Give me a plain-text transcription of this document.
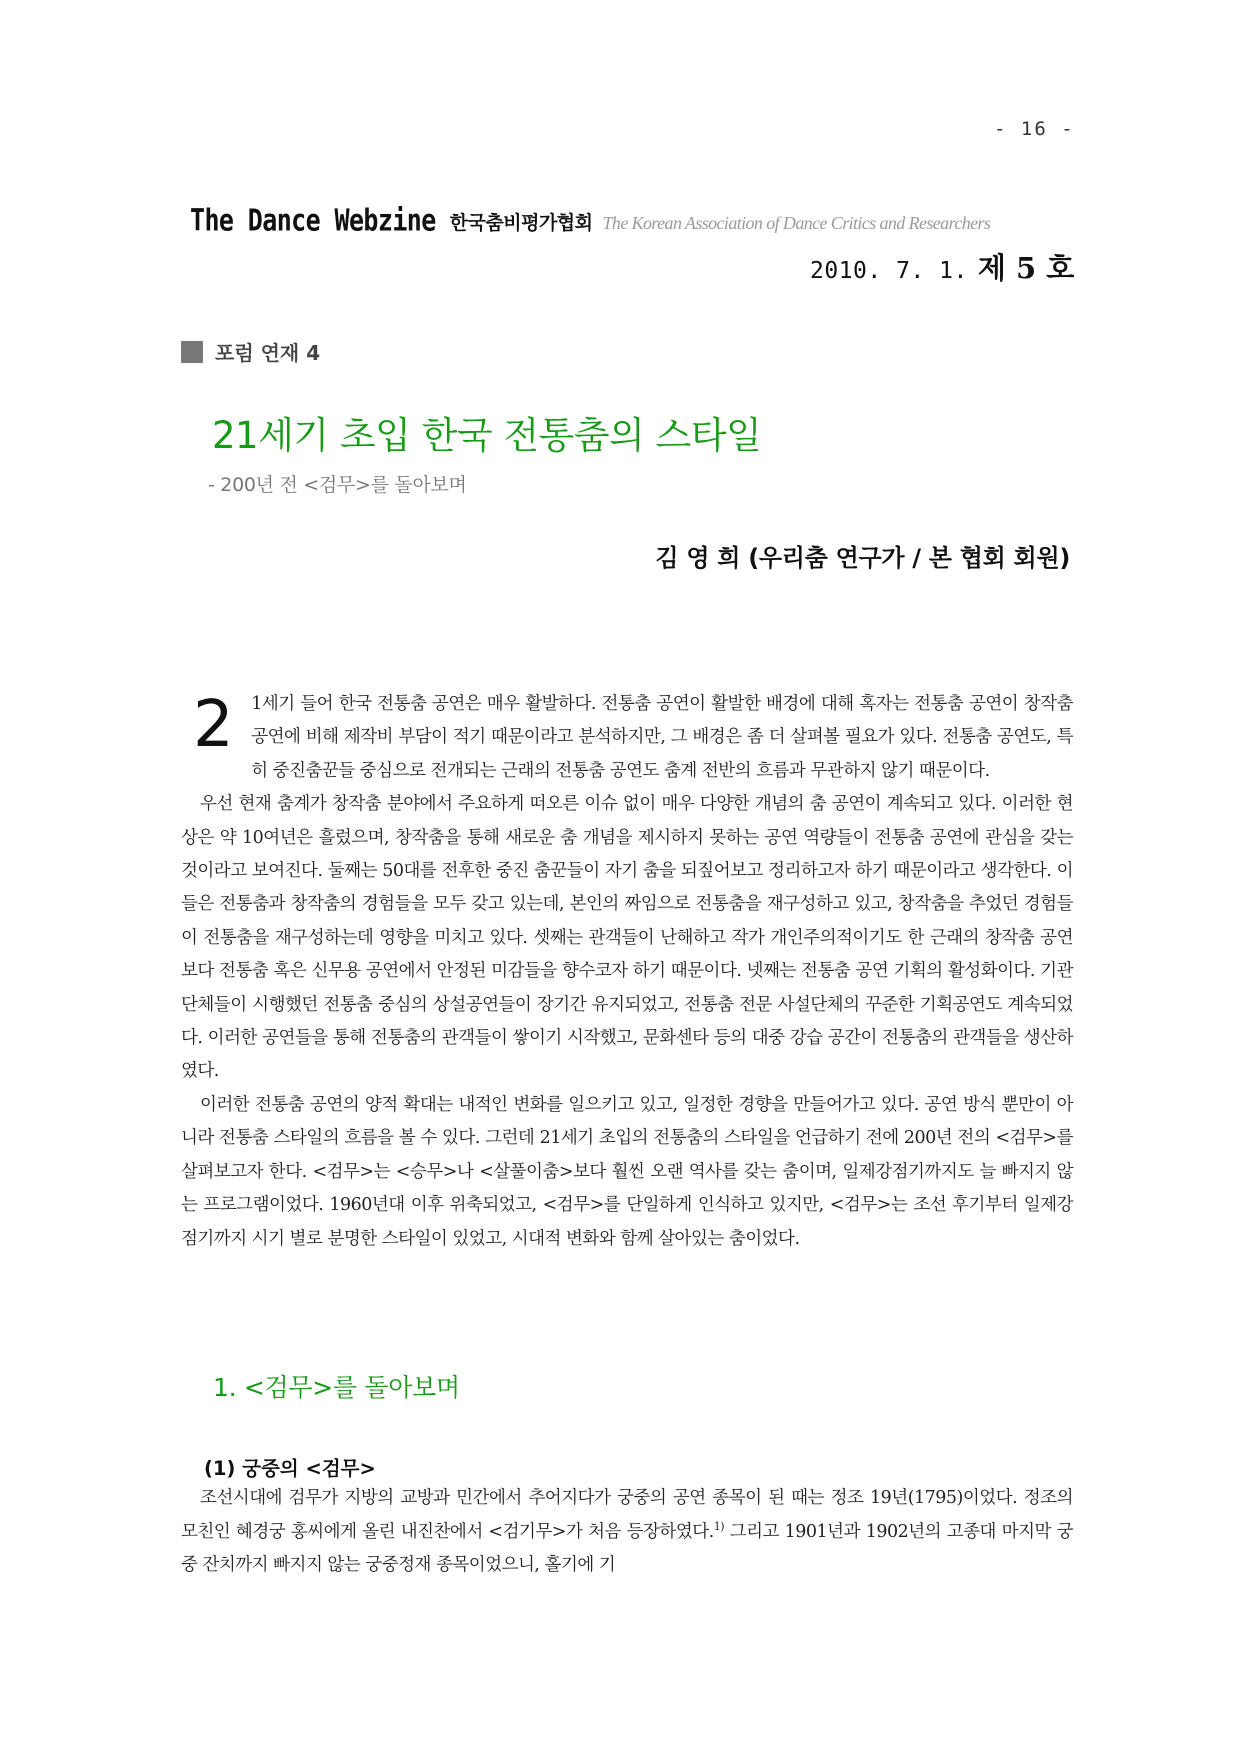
- 16 -
The Dance Webzine 한국춤비평가협회 The Korean Association of Dance Critics and Researchers
2010. 7. 1. 제 5 호
포럼 연재 4
21세기 초입 한국 전통춤의 스타일
- 200년 전 <검무>를 돌아보며
김 영 희 (우리춤 연구가 / 본 협회 회원)

2 1세기 들어 한국 전통춤 공연은 매우 활발하다. 전통춤 공연이 활발한 배경에 대해 혹자는 전통춤 공연이 창작춤 공연에 비해 제작비 부담이 적기 때문이라고 분석하지만, 그 배경은 좀 더 살펴볼 필요가 있다. 전통춤 공연도, 특히 중진춤꾼들 중심으로 전개되는 근래의 전통춤 공연도 춤계 전반의 흐름과 무관하지 않기 때문이다.

우선 현재 춤계가 창작춤 분야에서 주요하게 떠오른 이슈 없이 매우 다양한 개념의 춤 공연이 계속되고 있다. 이러한 현상은 약 10여년은 흘렀으며, 창작춤을 통해 새로운 춤 개념을 제시하지 못하는 공연 역량들이 전통춤 공연에 관심을 갖는 것이라고 보여진다. 둘째는 50대를 전후한 중진 춤꾼들이 자기 춤을 되짚어보고 정리하고자 하기 때문이라고 생각한다. 이들은 전통춤과 창작춤의 경험들을 모두 갖고 있는데, 본인의 짜임으로 전통춤을 재구성하고 있고, 창작춤을 추었던 경험들이 전통춤을 재구성하는데 영향을 미치고 있다. 셋째는 관객들이 난해하고 작가 개인주의적이기도 한 근래의 창작춤 공연보다 전통춤 혹은 신무용 공연에서 안정된 미감들을 향수코자 하기 때문이다. 넷째는 전통춤 공연 기획의 활성화이다. 기관 단체들이 시행했던 전통춤 중심의 상설공연들이 장기간 유지되었고, 전통춤 전문 사설단체의 꾸준한 기획공연도 계속되었다. 이러한 공연들을 통해 전통춤의 관객들이 쌓이기 시작했고, 문화센타 등의 대중 강습 공간이 전통춤의 관객들을 생산하였다.

이러한 전통춤 공연의 양적 확대는 내적인 변화를 일으키고 있고, 일정한 경향을 만들어가고 있다. 공연 방식 뿐만이 아니라 전통춤 스타일의 흐름을 볼 수 있다. 그런데 21세기 초입의 전통춤의 스타일을 언급하기 전에 200년 전의 <검무>를 살펴보고자 한다. <검무>는 <승무>나 <살풀이춤>보다 훨씬 오랜 역사를 갖는 춤이며, 일제강점기까지도 늘 빠지지 않는 프로그램이었다. 1960년대 이후 위축되었고, <검무>를 단일하게 인식하고 있지만, <검무>는 조선 후기부터 일제강점기까지 시기 별로 분명한 스타일이 있었고, 시대적 변화와 함께 살아있는 춤이었다.

1. <검무>를 돌아보며
(1) 궁중의 <검무>

조선시대에 검무가 지방의 교방과 민간에서 추어지다가 궁중의 공연 종목이 된 때는 정조 19년(1795)이었다. 정조의 모친인 혜경궁 홍씨에게 올린 내진찬에서 <검기무>가 처음 등장하였다.$^{1)}$ 그리고 1901년과 1902년의 고종대 마지막 궁중 잔치까지 빠지지 않는 궁중정재 종목이었으니, 홀기에 기
